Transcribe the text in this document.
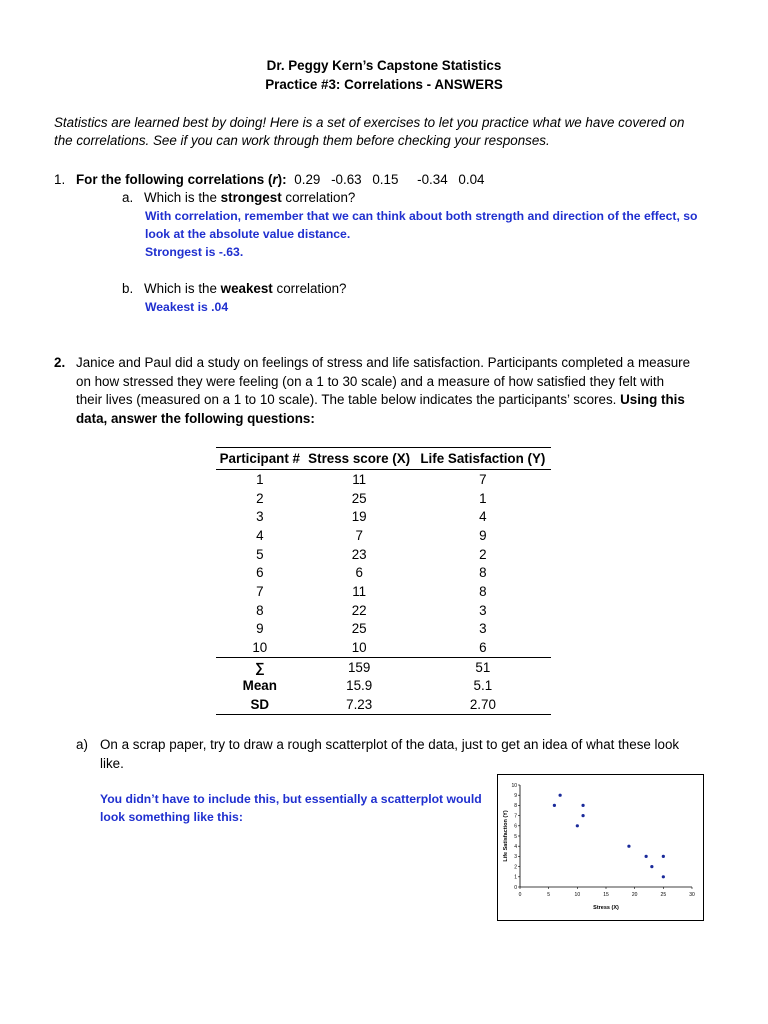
Dr. Peggy Kern’s Capstone Statistics
Practice #3: Correlations - ANSWERS
Statistics are learned best by doing! Here is a set of exercises to let you practice what we have covered on
the correlations. See if you can work through them before checking your responses.
1. For the following correlations (r): 0.29 -0.63 0.15 -0.34 0.04
a. Which is the strongest correlation?
With correlation, remember that we can think about both strength and direction of the effect, so
look at the absolute value distance.
Strongest is -.63.
b. Which is the weakest correlation?
Weakest is .04
2. Janice and Paul did a study on feelings of stress and life satisfaction. Participants completed a measure
on how stressed they were feeling (on a 1 to 30 scale) and a measure of how satisfied they felt with
their lives (measured on a 1 to 10 scale). The table below indicates the participants’ scores. Using this
data, answer the following questions:
Participant #	Stress score (X)	Life Satisfaction (Y)
1	11	7
2	25	1
3	19	4
4	7	9
5	23	2
6	6	8
7	11	8
8	22	3
9	25	3
10	10	6
∑	159	51
Mean	15.9	5.1
SD	7.23	2.70
a) On a scrap paper, try to draw a rough scatterplot of the data, just to get an idea of what these look
like.
You didn’t have to include this, but essentially a scatterplot would
look something like this:
0
1
2
3
4
5
6
7
8
9
10
0	5	10	15	20	25	30
Stress (X)
Life Satisfaction (Y)
